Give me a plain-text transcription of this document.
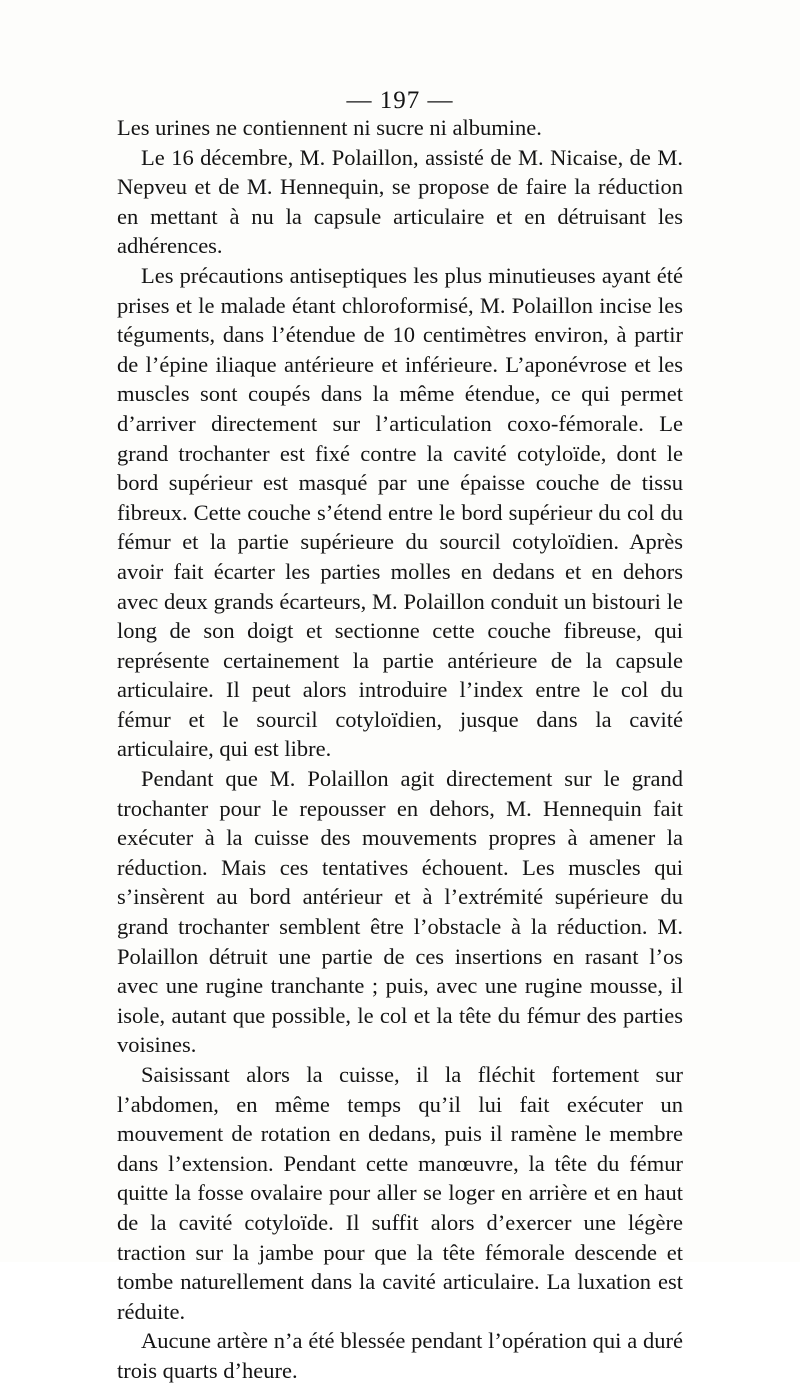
— 197 —

Les urines ne contiennent ni sucre ni albumine.

Le 16 décembre, M. Polaillon, assisté de M. Nicaise, de M. Nepveu et de M. Hennequin, se propose de faire la réduction en mettant à nu la capsule articulaire et en détruisant les adhérences.

Les précautions antiseptiques les plus minutieuses ayant été prises et le malade étant chloroformisé, M. Polaillon incise les téguments, dans l’étendue de 10 centimètres environ, à partir de l’épine iliaque antérieure et inférieure. L’aponévrose et les muscles sont coupés dans la même étendue, ce qui permet d’arriver directement sur l’articulation coxo-fémorale. Le grand trochanter est fixé contre la cavité cotyloïde, dont le bord supérieur est masqué par une épaisse couche de tissu fibreux. Cette couche s’étend entre le bord supérieur du col du fémur et la partie supérieure du sourcil cotyloïdien. Après avoir fait écarter les parties molles en dedans et en dehors avec deux grands écarteurs, M. Polaillon conduit un bistouri le long de son doigt et sectionne cette couche fibreuse, qui représente certainement la partie antérieure de la capsule articulaire. Il peut alors introduire l’index entre le col du fémur et le sourcil cotyloïdien, jusque dans la cavité articulaire, qui est libre.

Pendant que M. Polaillon agit directement sur le grand trochanter pour le repousser en dehors, M. Hennequin fait exécuter à la cuisse des mouvements propres à amener la réduction. Mais ces tentatives échouent. Les muscles qui s’insèrent au bord antérieur et à l’extrémité supérieure du grand trochanter semblent être l’obstacle à la réduction. M. Polaillon détruit une partie de ces insertions en rasant l’os avec une rugine tranchante ; puis, avec une rugine mousse, il isole, autant que possible, le col et la tête du fémur des parties voisines.

Saisissant alors la cuisse, il la fléchit fortement sur l’abdomen, en même temps qu’il lui fait exécuter un mouvement de rotation en dedans, puis il ramène le membre dans l’extension. Pendant cette manœuvre, la tête du fémur quitte la fosse ovalaire pour aller se loger en arrière et en haut de la cavité cotyloïde. Il suffit alors d’exercer une légère traction sur la jambe pour que la tête fémorale descende et tombe naturellement dans la cavité articulaire. La luxation est réduite.

Aucune artère n’a été blessée pendant l’opération qui a duré trois quarts d’heure.
